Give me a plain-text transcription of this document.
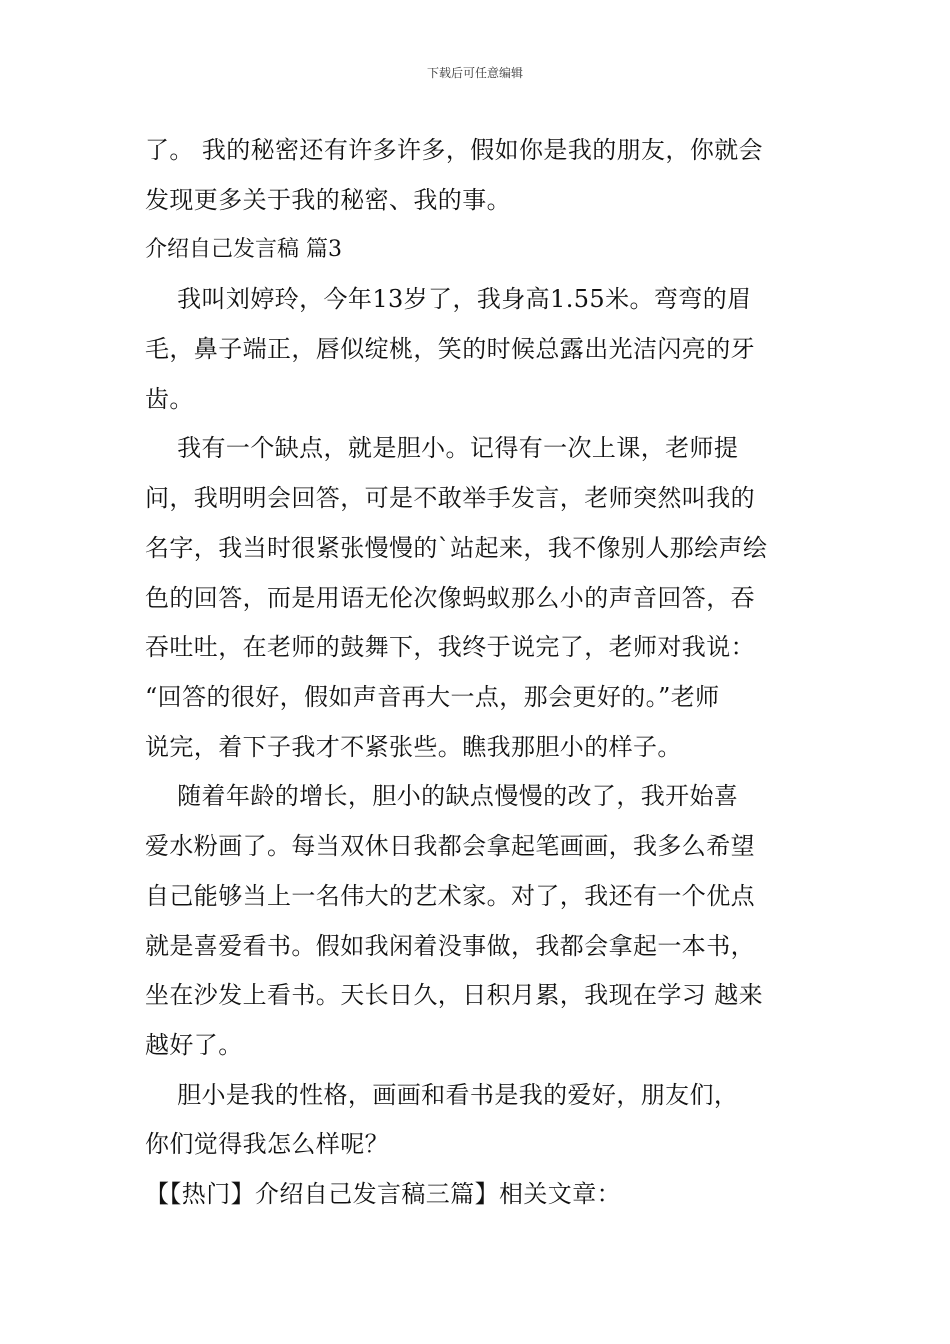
下载后可任意编辑
了。 我的秘密还有许多许多，假如你是我的朋友，你就会
发现更多关于我的秘密、我的事。
介绍自己发言稿 篇3
我叫刘婷玲，今年13岁了，我身高1.55米。弯弯的眉
毛，鼻子端正，唇似绽桃，笑的时候总露出光洁闪亮的牙
齿。
我有一个缺点，就是胆小。记得有一次上课，老师提
问，我明明会回答，可是不敢举手发言，老师突然叫我的
名字，我当时很紧张慢慢的`站起来，我不像别人那绘声绘
色的回答，而是用语无伦次像蚂蚁那么小的声音回答，吞
吞吐吐，在老师的鼓舞下，我终于说完了，老师对我说：
“回答的很好，假如声音再大一点，那会更好的。”老师
说完，着下子我才不紧张些。瞧我那胆小的样子。
随着年龄的增长，胆小的缺点慢慢的改了，我开始喜
爱水粉画了。每当双休日我都会拿起笔画画，我多么希望
自己能够当上一名伟大的艺术家。对了，我还有一个优点
就是喜爱看书。假如我闲着没事做，我都会拿起一本书，
坐在沙发上看书。天长日久，日积月累，我现在学习 越来
越好了。
胆小是我的性格，画画和看书是我的爱好，朋友们，
你们觉得我怎么样呢？
【【热门】介绍自己发言稿三篇】相关文章：
